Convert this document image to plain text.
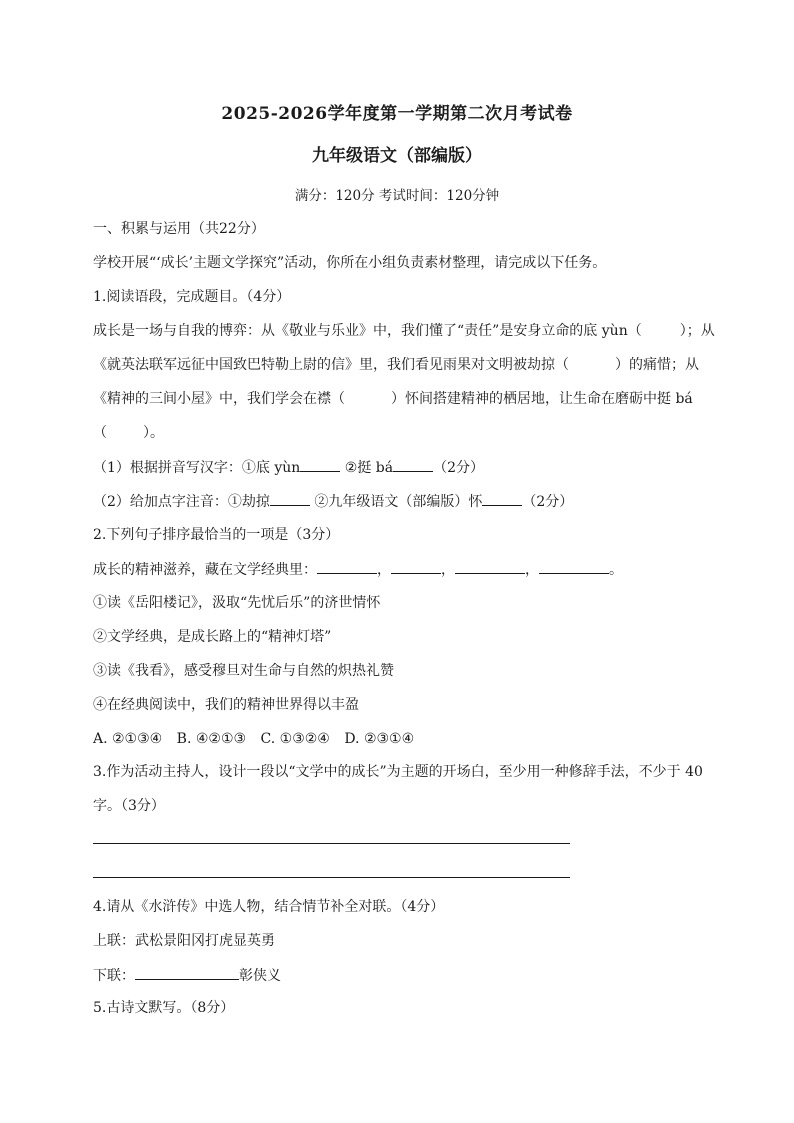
2025-2026学年度第一学期第二次月考试卷
九年级语文（部编版）
满分：120分 考试时间：120分钟
一、积累与运用（共22分）
学校开展“‘成长’主题文学探究”活动，你所在小组负责素材整理，请完成以下任务。
1.阅读语段，完成题目。（4分）
成长是一场与自我的博弈：从《敬业与乐业》中，我们懂了“责任”是安身立命的底 yùn（	）；从
《就英法联军远征中国致巴特勒上尉的信》里，我们看见雨果对文明被劫掠（	）的痛惜；从
《精神的三间小屋》中，我们学会在襟（	）怀间搭建精神的栖居地，让生命在磨砺中挺 bá
（	）。
（1）根据拼音写汉字：①底 yùn	②挺 bá	（2分）
（2）给加点字注音：①劫掠	②九年级语文（部编版）怀	（2分）
2.下列句子排序最恰当的一项是（3分）
成长的精神滋养，藏在文学经典里：	，	，	，	。
①读《岳阳楼记》，汲取“先忧后乐”的济世情怀
②文学经典，是成长路上的“精神灯塔”
③读《我看》，感受穆旦对生命与自然的炽热礼赞
④在经典阅读中，我们的精神世界得以丰盈
A. ②①③④ B. ④②①③ C. ①③②④ D. ②③①④
3.作为活动主持人，设计一段以“文学中的成长”为主题的开场白，至少用一种修辞手法，不少于 40
字。（3分）
4.请从《水浒传》中选人物，结合情节补全对联。（4分）
上联：武松景阳冈打虎显英勇
下联：	彰侠义
5.古诗文默写。（8分）
